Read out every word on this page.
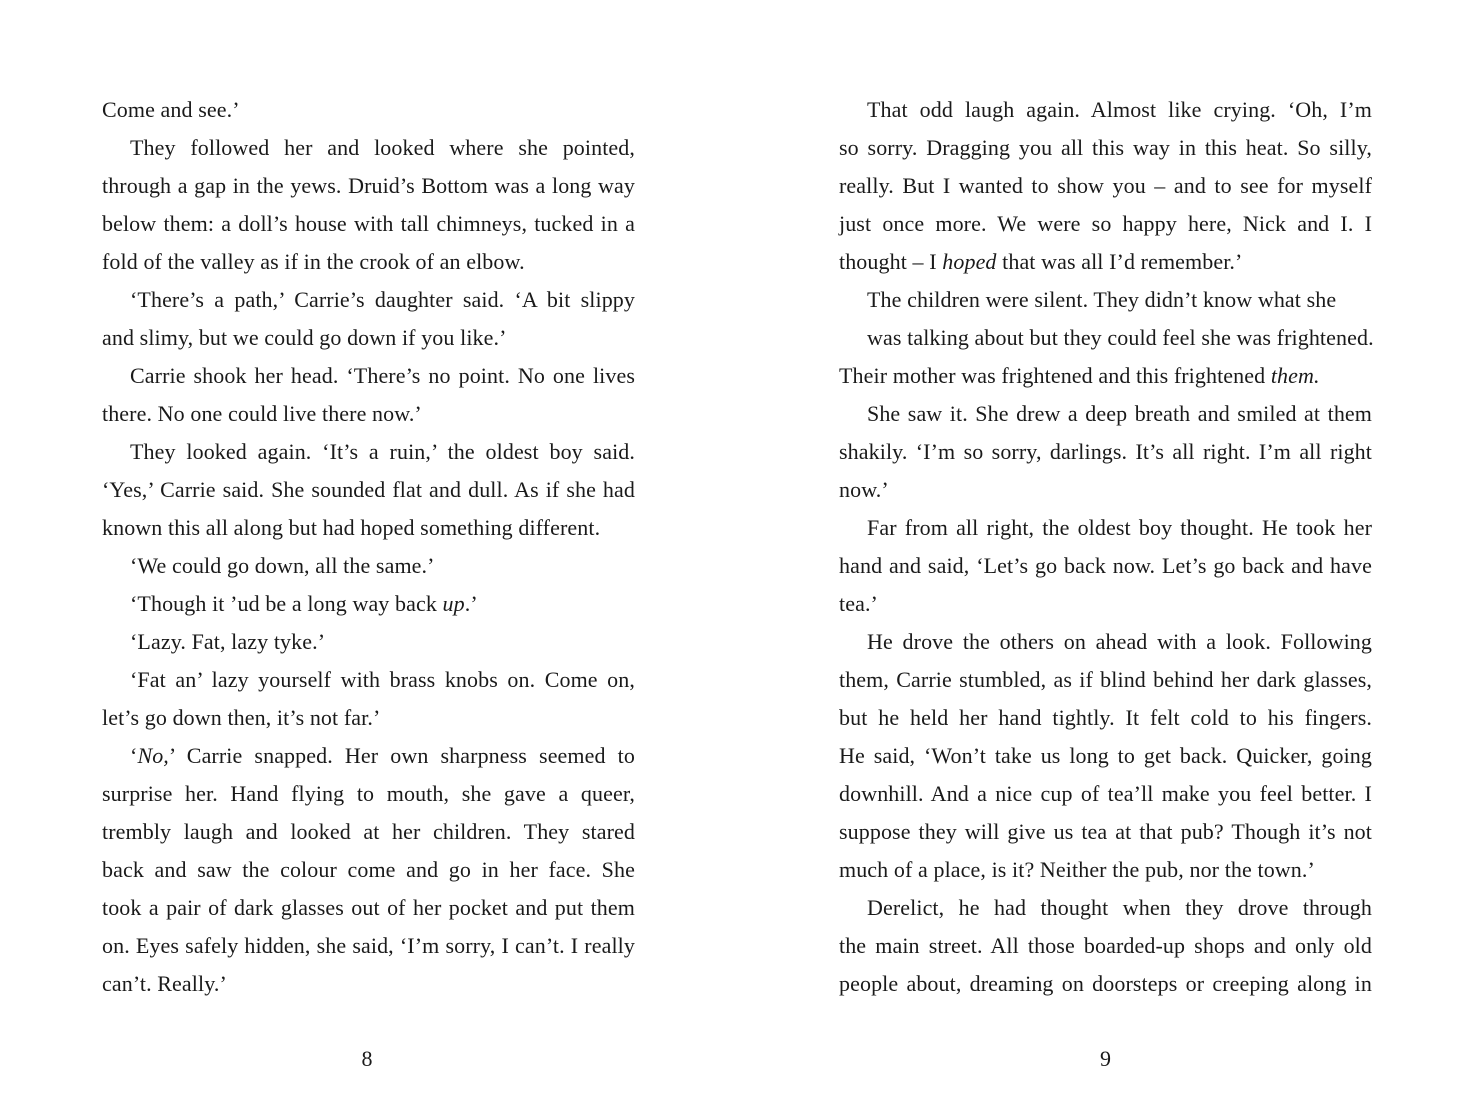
Come and see.’
They followed her and looked where she pointed,
through a gap in the yews. Druid’s Bottom was a long way
below them: a doll’s house with tall chimneys, tucked in a
fold of the valley as if in the crook of an elbow.
‘There’s a path,’ Carrie’s daughter said. ‘A bit slippy
and slimy, but we could go down if you like.’
Carrie shook her head. ‘There’s no point. No one lives
there. No one could live there now.’
They looked again. ‘It’s a ruin,’ the oldest boy said.
‘Yes,’ Carrie said. She sounded flat and dull. As if she had
known this all along but had hoped something different.
‘We could go down, all the same.’
‘Though it ’ud be a long way back up.’
‘Lazy. Fat, lazy tyke.’
‘Fat an’ lazy yourself with brass knobs on. Come on,
let’s go down then, it’s not far.’
‘No,’ Carrie snapped. Her own sharpness seemed to
surprise her. Hand flying to mouth, she gave a queer,
trembly laugh and looked at her children. They stared
back and saw the colour come and go in her face. She
took a pair of dark glasses out of her pocket and put them
on. Eyes safely hidden, she said, ‘I’m sorry, I can’t. I really
can’t. Really.’
8
That odd laugh again. Almost like crying. ‘Oh, I’m
so sorry. Dragging you all this way in this heat. So silly,
really. But I wanted to show you – and to see for myself
just once more. We were so happy here, Nick and I. I
thought – I hoped that was all I’d remember.’
The children were silent. They didn’t know what she
was talking about but they could feel she was frightened.
Their mother was frightened and this frightened them.
She saw it. She drew a deep breath and smiled at them
shakily. ‘I’m so sorry, darlings. It’s all right. I’m all right
now.’
Far from all right, the oldest boy thought. He took her
hand and said, ‘Let’s go back now. Let’s go back and have
tea.’
He drove the others on ahead with a look. Following
them, Carrie stumbled, as if blind behind her dark glasses,
but he held her hand tightly. It felt cold to his fingers.
He said, ‘Won’t take us long to get back. Quicker, going
downhill. And a nice cup of tea’ll make you feel better. I
suppose they will give us tea at that pub? Though it’s not
much of a place, is it? Neither the pub, nor the town.’
Derelict, he had thought when they drove through
the main street. All those boarded-up shops and only old
people about, dreaming on doorsteps or creeping along in
9
